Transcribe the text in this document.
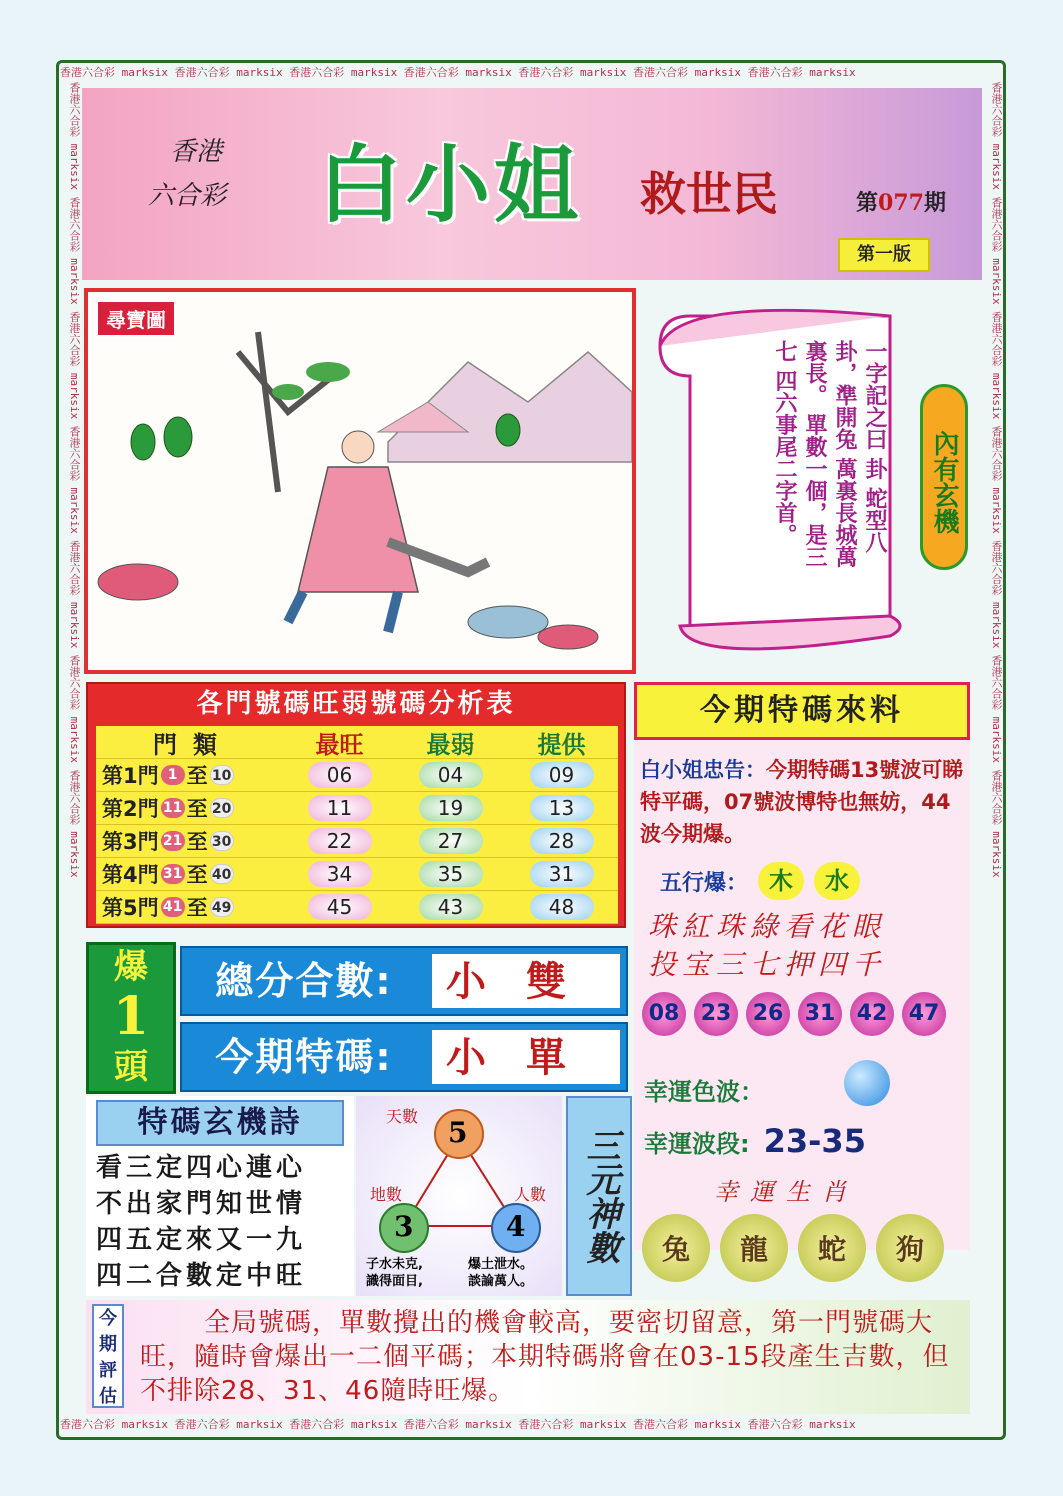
香港六合彩 marksix 香港六合彩 marksix 香港六合彩 marksix 香港六合彩 marksix 香港六合彩 marksix 香港六合彩 marksix 香港六合彩 marksix
香港六合彩 marksix 香港六合彩 marksix 香港六合彩 marksix 香港六合彩 marksix 香港六合彩 marksix 香港六合彩 marksix 香港六合彩 marksix
香港六合彩 marksix 香港六合彩 marksix 香港六合彩 marksix 香港六合彩 marksix 香港六合彩 marksix 香港六合彩 marksix 香港六合彩 marksix	香港六合彩 marksix 香港六合彩 marksix 香港六合彩 marksix 香港六合彩 marksix 香港六合彩 marksix 香港六合彩 marksix 香港六合彩 marksix
香港
六合彩 白小姐	救世民	第077期
第一版
尋寶圖
一字記之曰 卦 蛇型八卦，準開兔 萬裏長城萬裏長。 單數一個，是三七 四六事尾二字首。	內有玄機
各門號碼旺弱號碼分析表
門類	最旺	最弱	提供
第1門 1 至 10	06	04	09
第2門 11 至 20	11	19	13
第3門 21 至 30	22	27	28
第4門 31 至 40	34	35	31
第5門 41 至 49	45	43	48
今期特碼來料
白小姐忠告：今期特碼13號波可睇特平碼，07號波博特也無妨，44波今期爆。
五行爆： 木	水
珠紅珠綠看花眼
投宝三七押四千
08 23 26 31 42 47
幸運色波：
幸運波段: 23-35
幸運生肖
兔	龍	蛇	狗
爆
1
頭
總分合數:	小雙
今期特碼:	小單
特碼玄機詩
看三定四心連心
不出家門知世情
四五定來又一九
四二合數定中旺
天數 5
地數
3
人數
4
子水未克,
識得面目,
爆土泄水。
談論萬人。
三元神數
今期評估
全局號碼，單數攪出的機會較高，要密切留意，第一門號碼大旺，隨時會爆出一二個平碼；本期特碼將會在03-15段產生吉數，但不排除28、31、46隨時旺爆。
